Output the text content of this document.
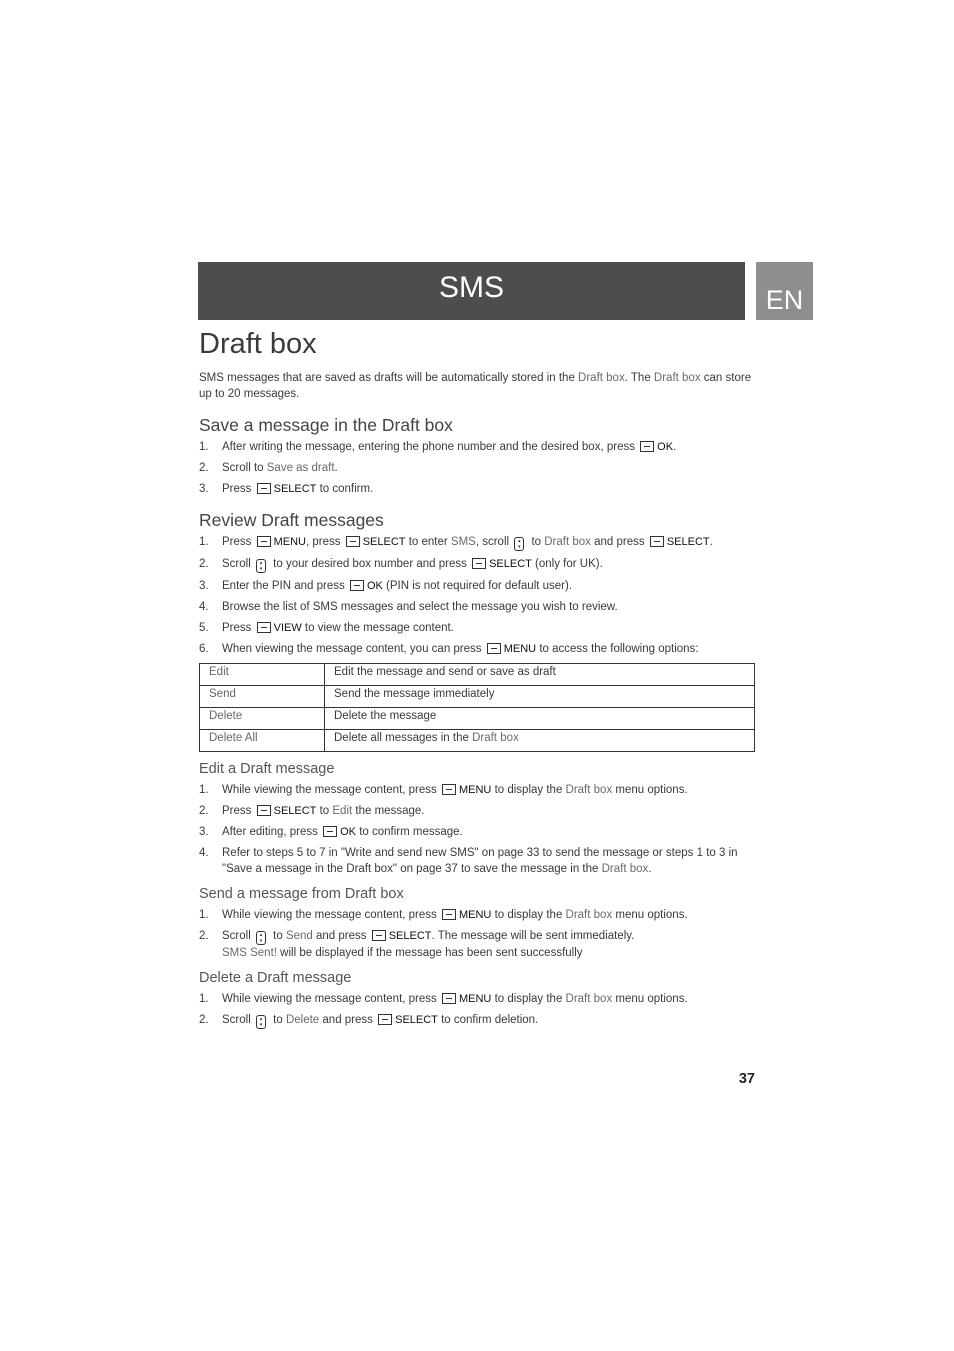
SMS	EN
Draft box

SMS messages that are saved as drafts will be automatically stored in the Draft box. The Draft box can store up to 20 messages.

Save a message in the Draft box
1. After writing the message, entering the phone number and the desired box, press OK.
2. Scroll to Save as draft.
3. Press SELECT to confirm.
Review Draft messages
1. Press MENU, press SELECT to enter SMS, scroll ▴
▾ to Draft box and press SELECT.
2. Scroll ▴
▾ to your desired box number and press SELECT (only for UK).
3. Enter the PIN and press OK (PIN is not required for default user).
4. Browse the list of SMS messages and select the message you wish to review.
5. Press VIEW to view the message content.
6. When viewing the message content, you can press MENU to access the following options:
Edit	Edit the message and send or save as draft
Send	Send the message immediately
Delete	Delete the message
Delete All	Delete all messages in the Draft box
Edit a Draft message
1. While viewing the message content, press MENU to display the Draft box menu options.
2. Press SELECT to Edit the message.
3. After editing, press OK to confirm message.
4. Refer to steps 5 to 7 in "Write and send new SMS" on page 33 to send the message or steps 1 to 3 in "Save a message in the Draft box" on page 37 to save the message in the Draft box.
Send a message from Draft box
1. While viewing the message content, press MENU to display the Draft box menu options.
2. Scroll ▴
▾ to Send and press SELECT. The message will be sent immediately.
SMS Sent! will be displayed if the message has been sent successfully
Delete a Draft message
1. While viewing the message content, press MENU to display the Draft box menu options.
2. Scroll ▴
▾ to Delete and press SELECT to confirm deletion.
37
